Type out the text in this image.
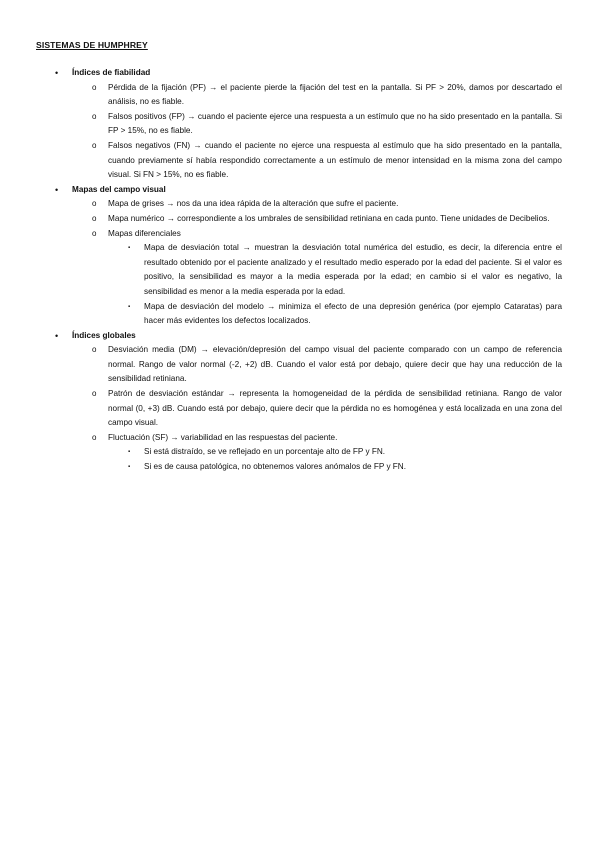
SISTEMAS DE HUMPHREY
• Índices de fiabilidad
o Pérdida de la fijación (PF) → el paciente pierde la fijación del test en la pantalla. Si PF > 20%, damos por descartado el análisis, no es fiable.
o Falsos positivos (FP) → cuando el paciente ejerce una respuesta a un estímulo que no ha sido presentado en la pantalla. Si FP > 15%, no es fiable.
o Falsos negativos (FN) → cuando el paciente no ejerce una respuesta al estímulo que ha sido presentado en la pantalla, cuando previamente sí había respondido correctamente a un estímulo de menor intensidad en la misma zona del campo visual. Si FN > 15%, no es fiable.
• Mapas del campo visual
o Mapa de grises → nos da una idea rápida de la alteración que sufre el paciente.
o Mapa numérico → correspondiente a los umbrales de sensibilidad retiniana en cada punto. Tiene unidades de Decibelios.
o Mapas diferenciales
▪ Mapa de desviación total → muestran la desviación total numérica del estudio, es decir, la diferencia entre el resultado obtenido por el paciente analizado y el resultado medio esperado por la edad del paciente. Si el valor es positivo, la sensibilidad es mayor a la media esperada por la edad; en cambio si el valor es negativo, la sensibilidad es menor a la media esperada por la edad.
▪ Mapa de desviación del modelo → minimiza el efecto de una depresión genérica (por ejemplo Cataratas) para hacer más evidentes los defectos localizados.
• Índices globales
o Desviación media (DM) → elevación/depresión del campo visual del paciente comparado con un campo de referencia normal. Rango de valor normal (-2, +2) dB. Cuando el valor está por debajo, quiere decir que hay una reducción de la sensibilidad retiniana.
o Patrón de desviación estándar → representa la homogeneidad de la pérdida de sensibilidad retiniana. Rango de valor normal (0, +3) dB. Cuando está por debajo, quiere decir que la pérdida no es homogénea y está localizada en una zona del campo visual.
o Fluctuación (SF) → variabilidad en las respuestas del paciente.
▪ Si está distraído, se ve reflejado en un porcentaje alto de FP y FN.
▪ Si es de causa patológica, no obtenemos valores anómalos de FP y FN.
